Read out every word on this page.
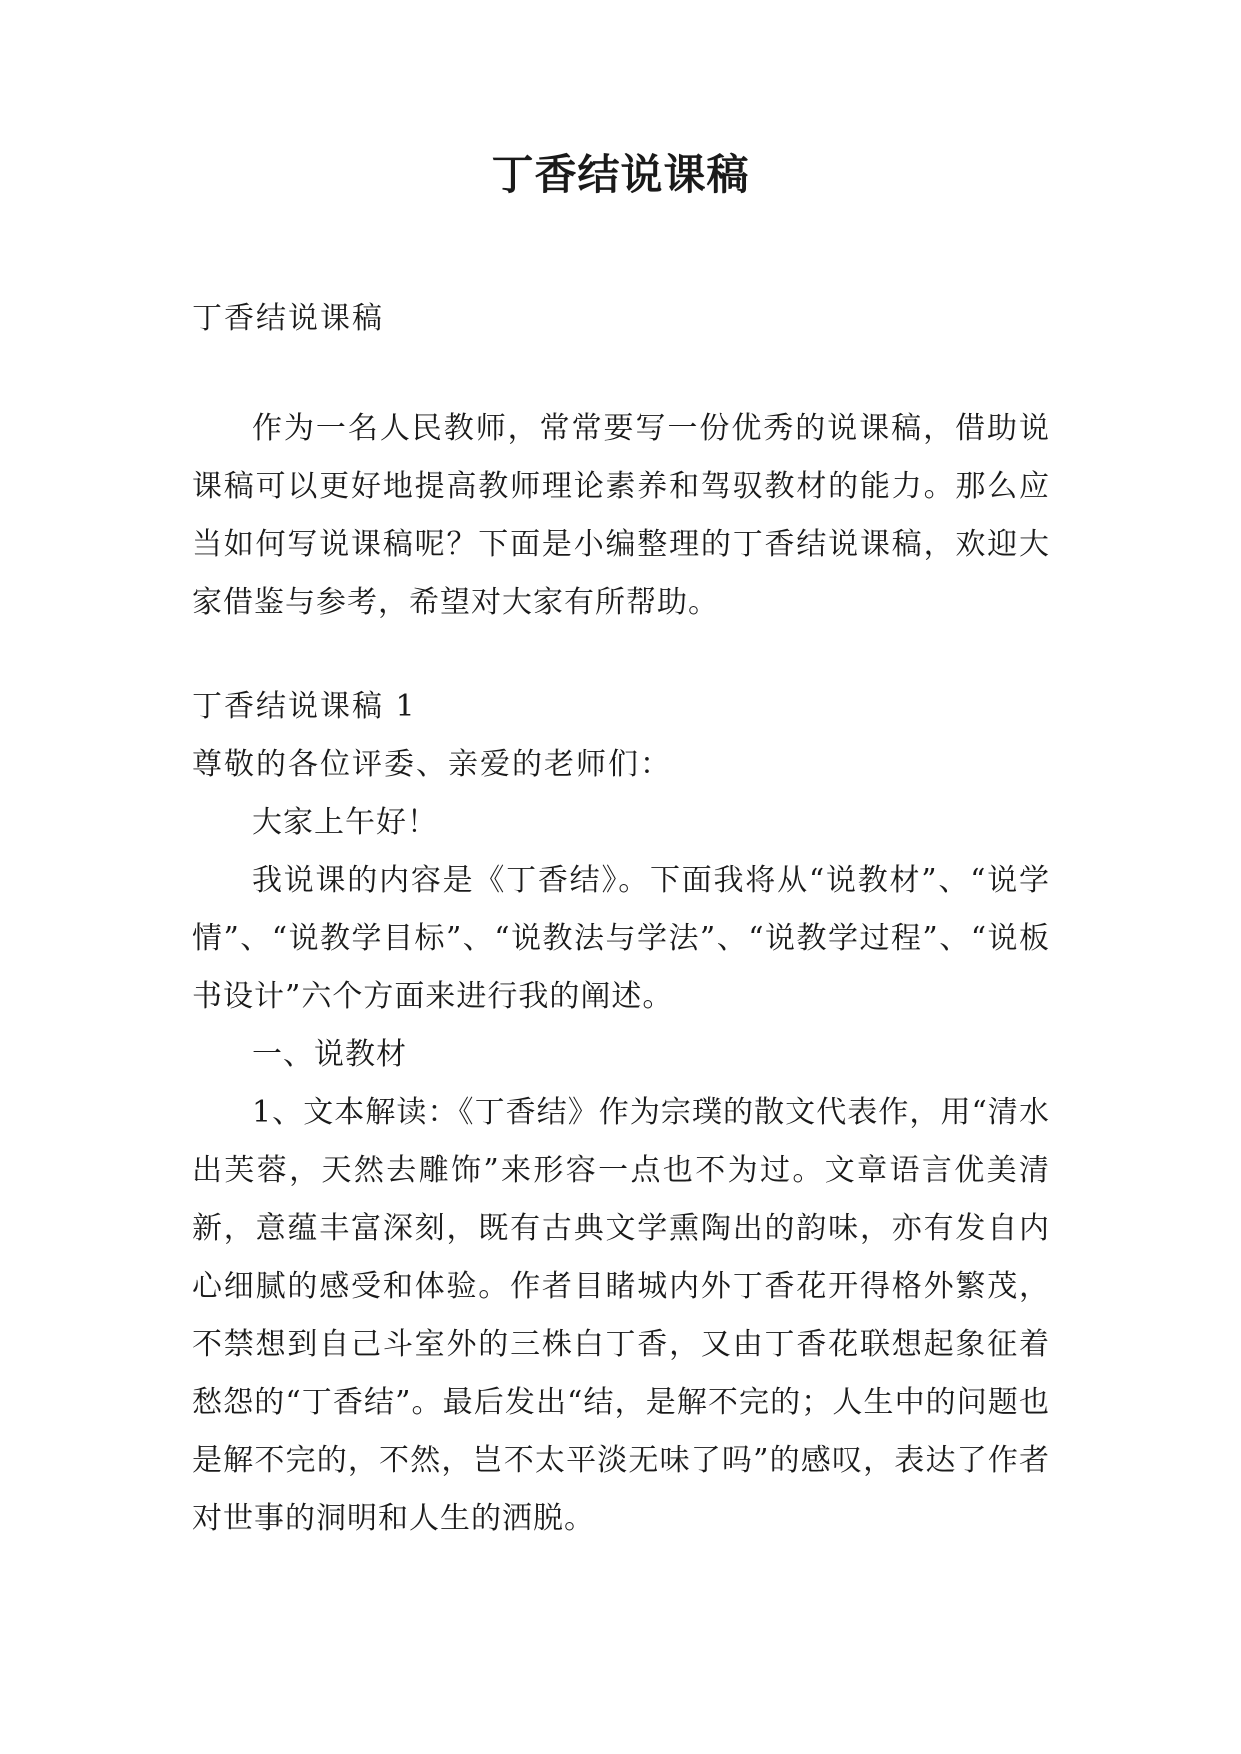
丁香结说课稿

丁香结说课稿

作为一名人民教师，常常要写一份优秀的说课稿，借助说课稿可以更好地提高教师理论素养和驾驭教材的能力。那么应当如何写说课稿呢？下面是小编整理的丁香结说课稿，欢迎大家借鉴与参考，希望对大家有所帮助。

丁香结说课稿 1

尊敬的各位评委、亲爱的老师们：

大家上午好！

我说课的内容是《丁香结》。下面我将从“说教材”、“说学情”、“说教学目标”、“说教法与学法”、“说教学过程”、“说板书设计”六个方面来进行我的阐述。

一、说教材

1、文本解读：《丁香结》作为宗璞的散文代表作，用“清水出芙蓉，天然去雕饰”来形容一点也不为过。文章语言优美清新，意蕴丰富深刻，既有古典文学熏陶出的韵味，亦有发自内心细腻的感受和体验。作者目睹城内外丁香花开得格外繁茂，不禁想到自己斗室外的三株白丁香，又由丁香花联想起象征着愁怨的“丁香结”。最后发出“结，是解不完的；人生中的问题也是解不完的，不然，岂不太平淡无味了吗”的感叹，表达了作者对世事的洞明和人生的洒脱。
